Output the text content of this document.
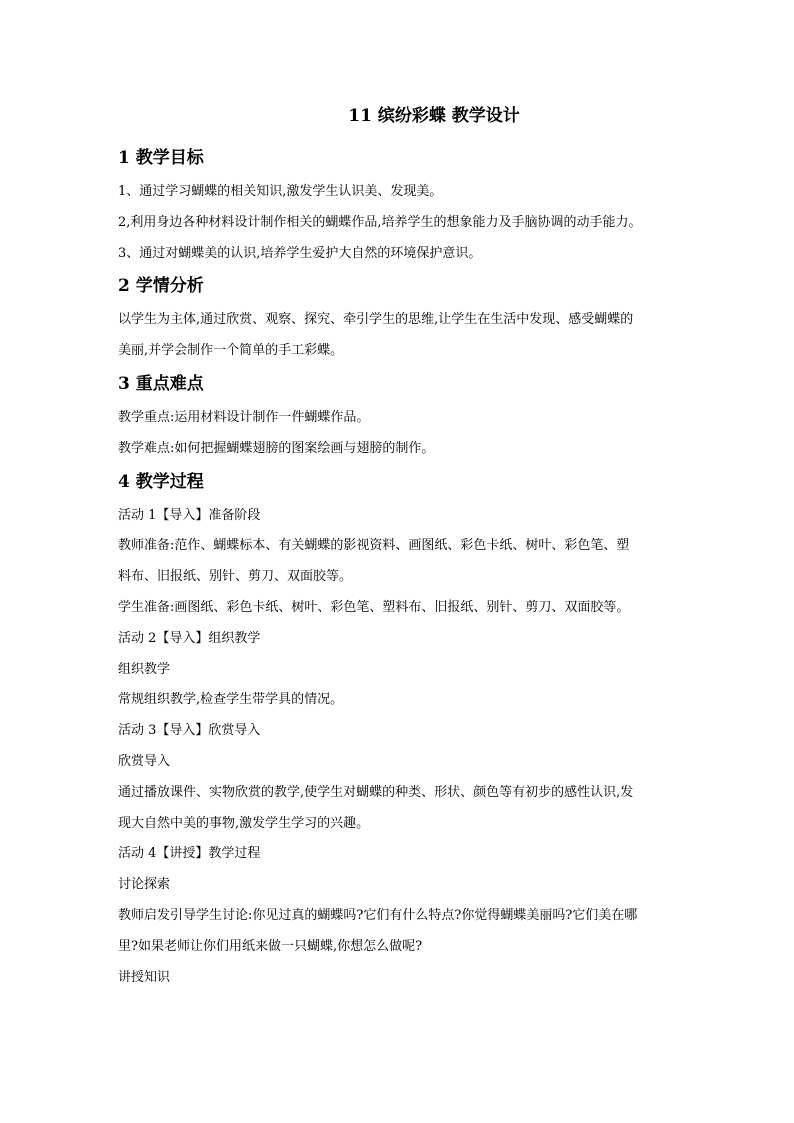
11 缤纷彩蝶 教学设计
1 教学目标

1、通过学习蝴蝶的相关知识,激发学生认识美、发现美。

2,利用身边各种材料设计制作相关的蝴蝶作品,培养学生的想象能力及手脑协调的动手能力。

3、通过对蝴蝶美的认识,培养学生爱护大自然的环境保护意识。

2 学情分析

以学生为主体,通过欣赏、观察、探究、牵引学生的思维,让学生在生活中发现、感受蝴蝶的

美丽,并学会制作一个简单的手工彩蝶。

3 重点难点

教学重点:运用材料设计制作一件蝴蝶作品。

教学难点:如何把握蝴蝶翅膀的图案绘画与翅膀的制作。

4 教学过程

活动 1【导入】准备阶段

教师准备:范作、蝴蝶标本、有关蝴蝶的影视资料、画图纸、彩色卡纸、树叶、彩色笔、塑

料布、旧报纸、别针、剪刀、双面胶等。

学生准备:画图纸、彩色卡纸、树叶、彩色笔、塑料布、旧报纸、别针、剪刀、双面胶等。

活动 2【导入】组织教学

组织教学

常规组织教学,检查学生带学具的情况。

活动 3【导入】欣赏导入

欣赏导入

通过播放课件、实物欣赏的教学,使学生对蝴蝶的种类、形状、颜色等有初步的感性认识,发

现大自然中美的事物,激发学生学习的兴趣。

活动 4【讲授】教学过程

讨论探索

教师启发引导学生讨论:你见过真的蝴蝶吗?它们有什么特点?你觉得蝴蝶美丽吗?它们美在哪

里?如果老师让你们用纸来做一只蝴蝶,你想怎么做呢?

讲授知识
